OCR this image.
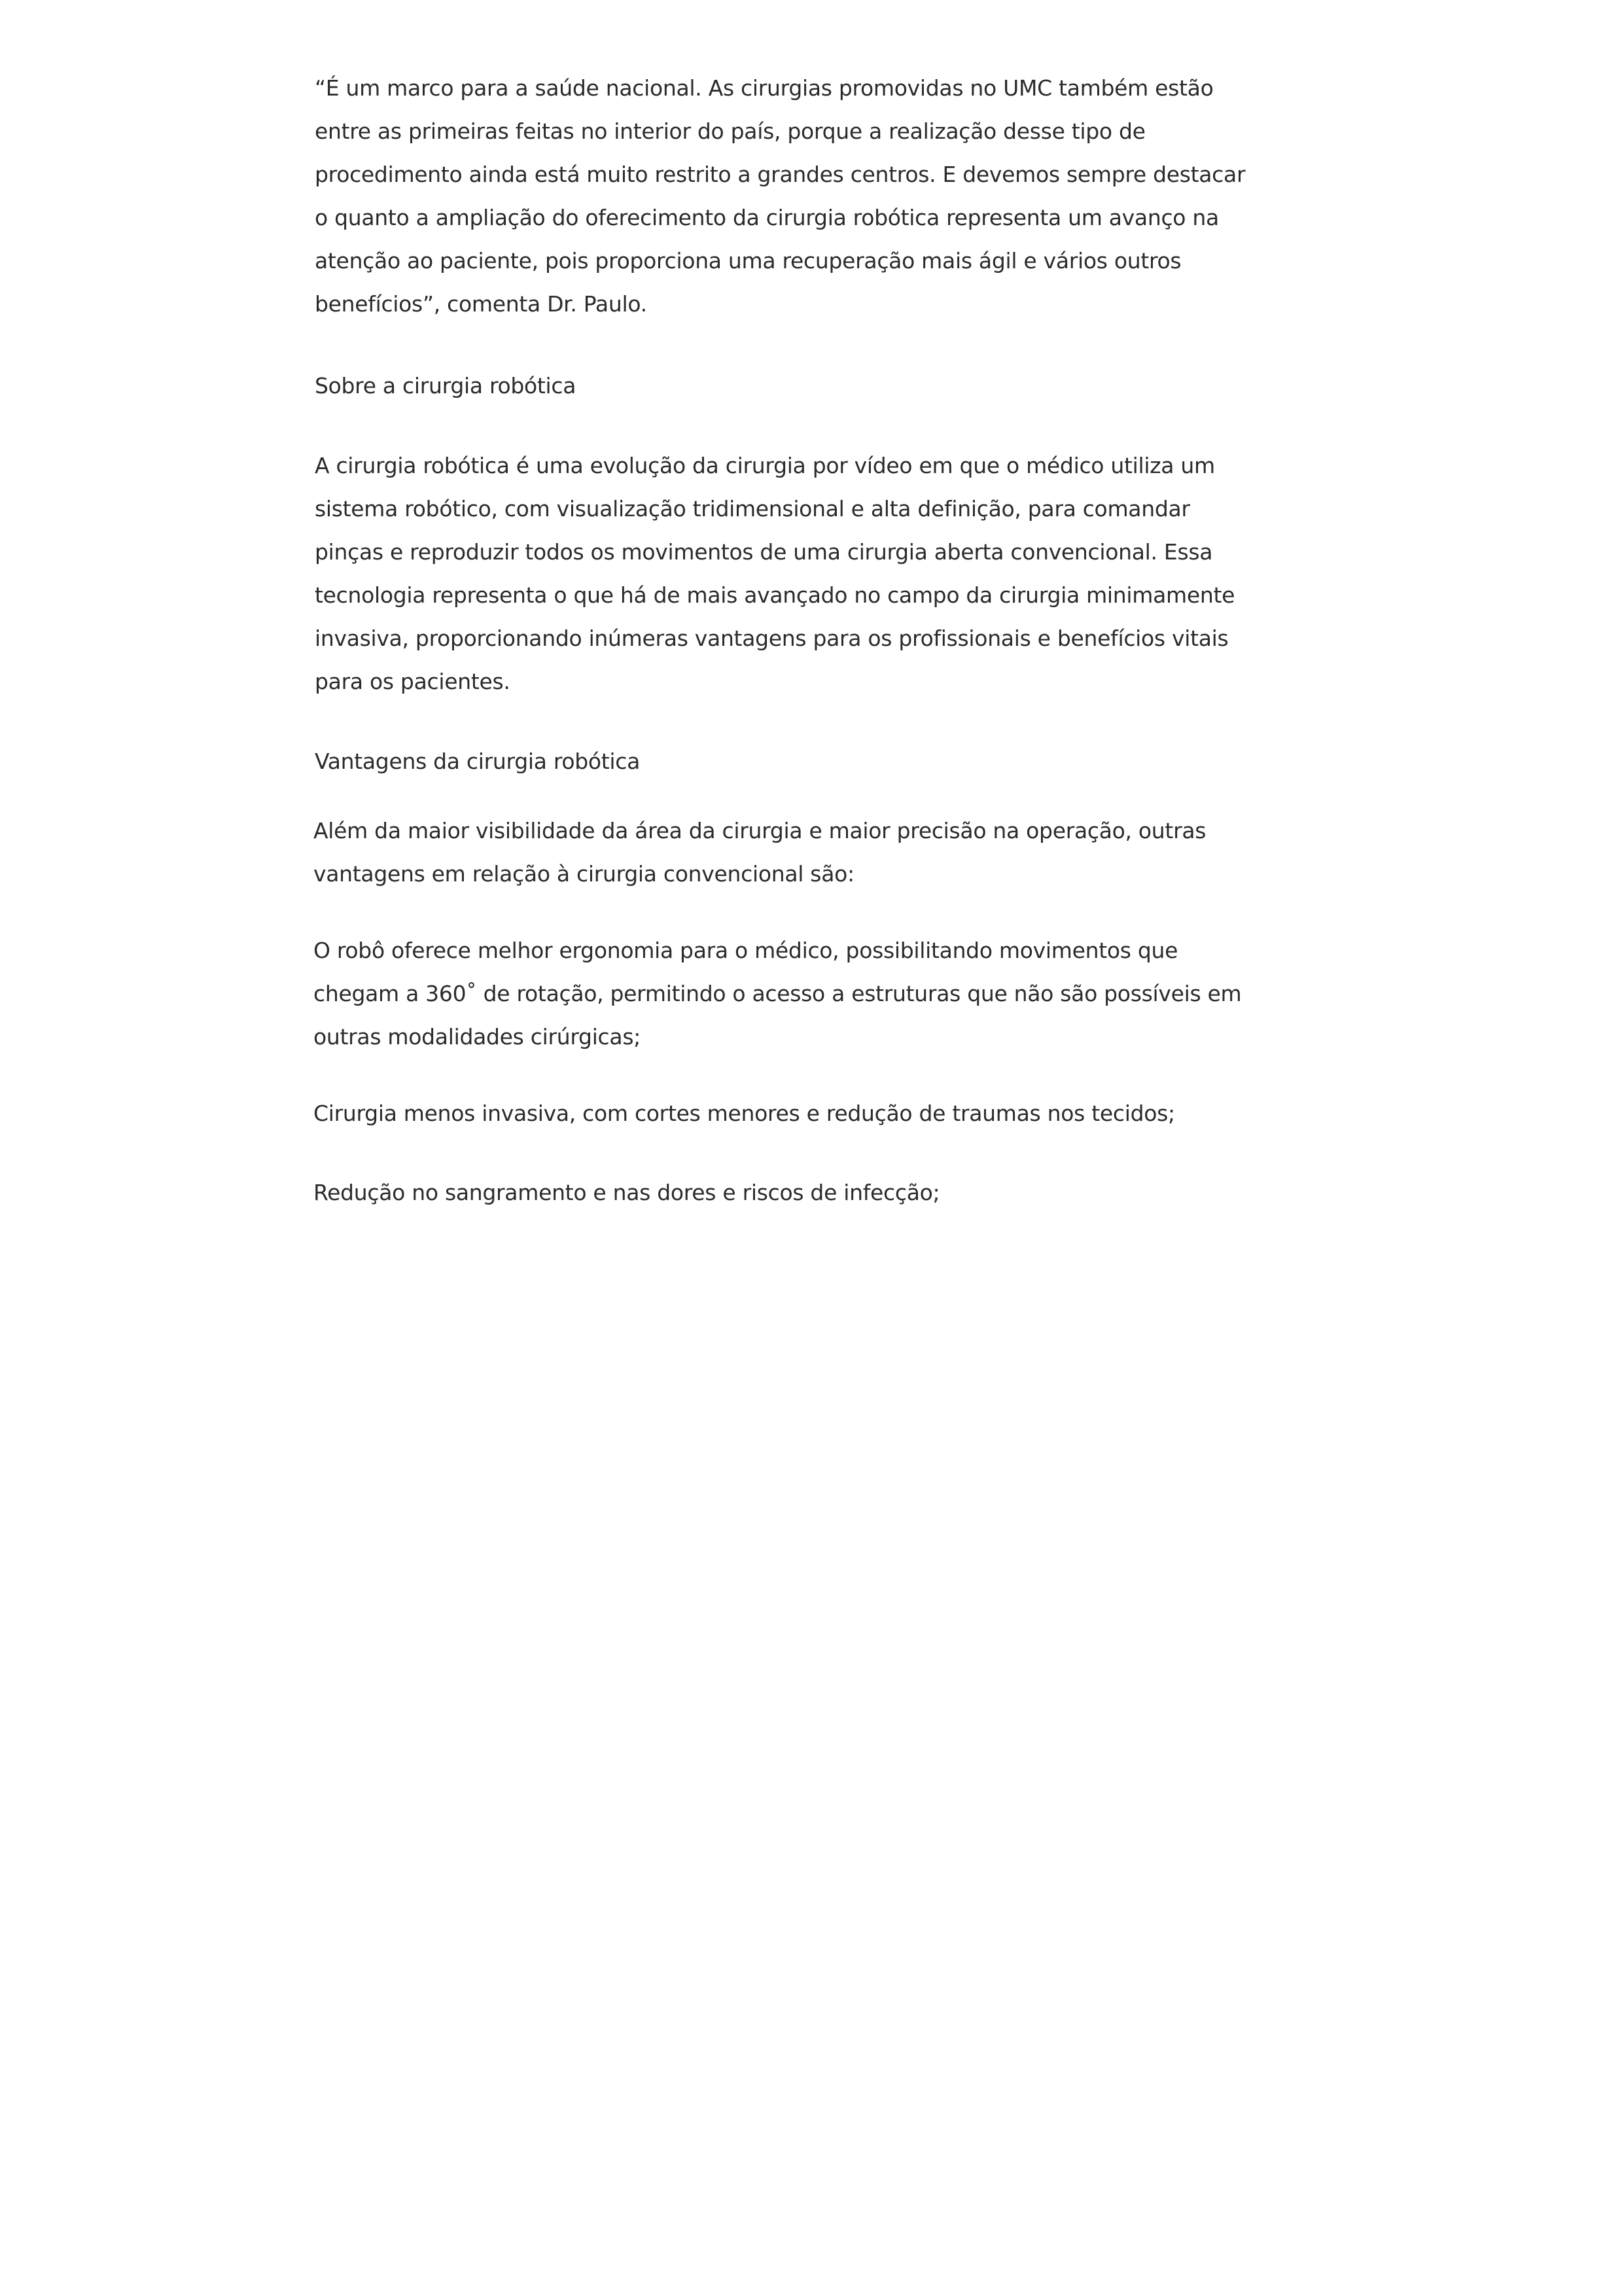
“É um marco para a saúde nacional. As cirurgias promovidas no UMC também estão
entre as primeiras feitas no interior do país, porque a realização desse tipo de
procedimento ainda está muito restrito a grandes centros. E devemos sempre destacar
o quanto a ampliação do oferecimento da cirurgia robótica representa um avanço na
atenção ao paciente, pois proporciona uma recuperação mais ágil e vários outros
benefícios”, comenta Dr. Paulo.
Sobre a cirurgia robótica
A cirurgia robótica é uma evolução da cirurgia por vídeo em que o médico utiliza um
sistema robótico, com visualização tridimensional e alta definição, para comandar
pinças e reproduzir todos os movimentos de uma cirurgia aberta convencional. Essa
tecnologia representa o que há de mais avançado no campo da cirurgia minimamente
invasiva, proporcionando inúmeras vantagens para os profissionais e benefícios vitais
para os pacientes.
Vantagens da cirurgia robótica
Além da maior visibilidade da área da cirurgia e maior precisão na operação, outras
vantagens em relação à cirurgia convencional são:
O robô oferece melhor ergonomia para o médico, possibilitando movimentos que
chegam a 360˚ de rotação, permitindo o acesso a estruturas que não são possíveis em
outras modalidades cirúrgicas;
Cirurgia menos invasiva, com cortes menores e redução de traumas nos tecidos;
Redução no sangramento e nas dores e riscos de infecção;
